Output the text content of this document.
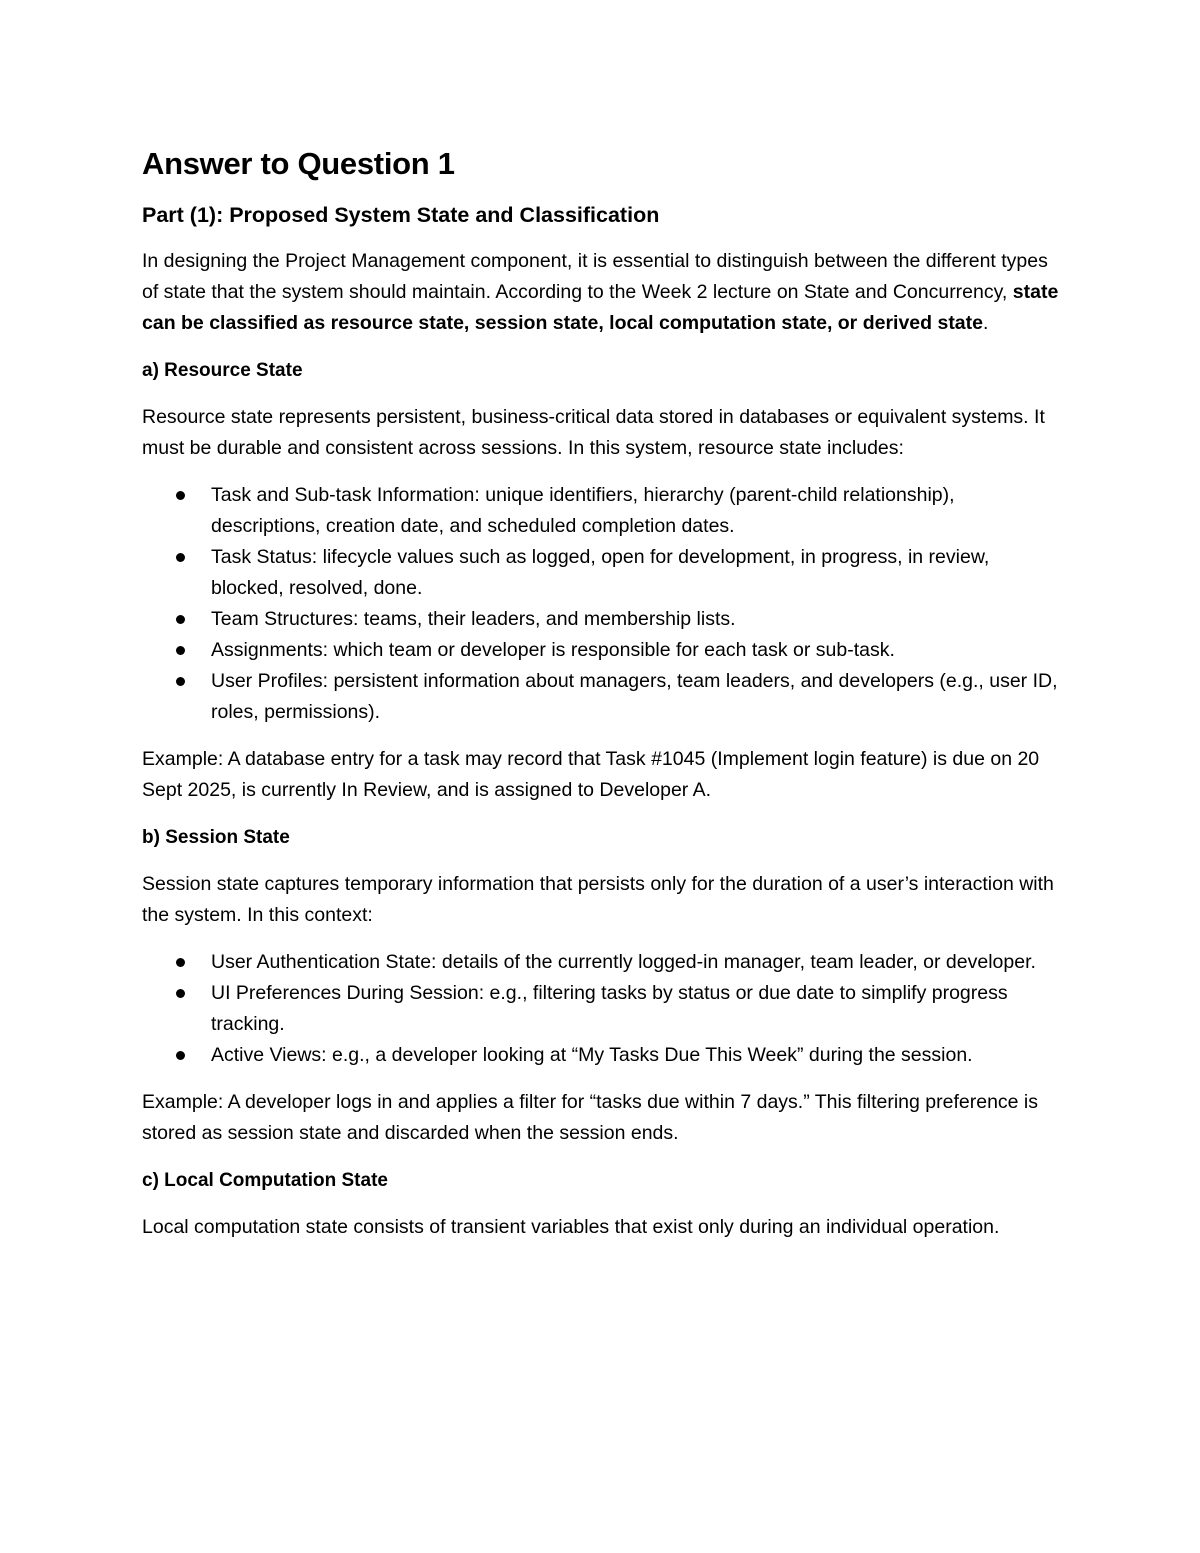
Answer to Question 1
Part (1): Proposed System State and Classification

In designing the Project Management component, it is essential to distinguish between the different types of state that the system should maintain. According to the Week 2 lecture on State and Concurrency, state can be classified as resource state, session state, local computation state, or derived state.

a) Resource State

Resource state represents persistent, business-critical data stored in databases or equivalent systems. It must be durable and consistent across sessions. In this system, resource state includes:

Task and Sub-task Information: unique identifiers, hierarchy (parent-child relationship), descriptions, creation date, and scheduled completion dates.
Task Status: lifecycle values such as logged, open for development, in progress, in review, blocked, resolved, done.
Team Structures: teams, their leaders, and membership lists.
Assignments: which team or developer is responsible for each task or sub-task.
User Profiles: persistent information about managers, team leaders, and developers (e.g., user ID, roles, permissions).

Example: A database entry for a task may record that Task #1045 (Implement login feature) is due on 20 Sept 2025, is currently In Review, and is assigned to Developer A.

b) Session State

Session state captures temporary information that persists only for the duration of a user’s interaction with the system. In this context:

User Authentication State: details of the currently logged-in manager, team leader, or developer.
UI Preferences During Session: e.g., filtering tasks by status or due date to simplify progress tracking.
Active Views: e.g., a developer looking at “My Tasks Due This Week” during the session.

Example: A developer logs in and applies a filter for “tasks due within 7 days.” This filtering preference is stored as session state and discarded when the session ends.

c) Local Computation State

Local computation state consists of transient variables that exist only during an individual operation.
